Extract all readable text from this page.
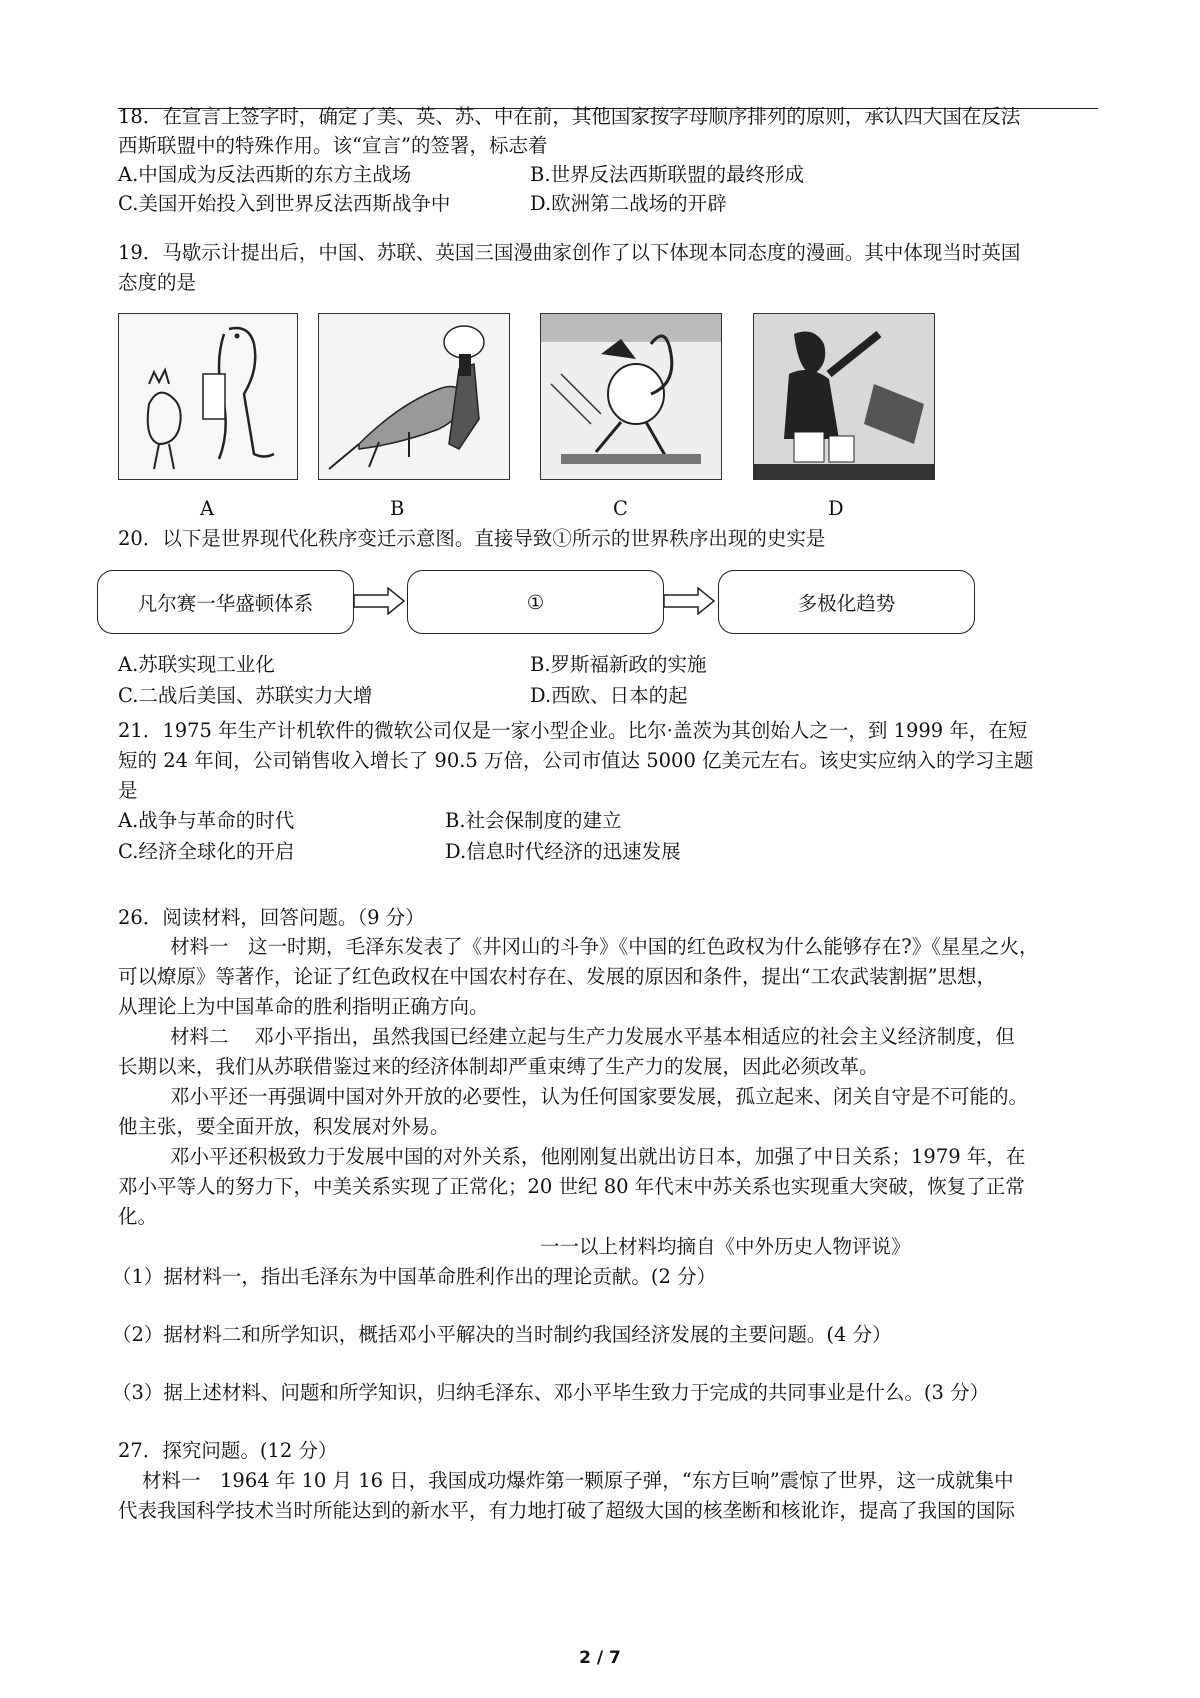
18．在宣言上签字时，确定了美、英、苏、中在前，其他国家按字母顺序排列的原则，承认四大国在反法
西斯联盟中的特殊作用。该“宣言”的签署，标志着
A.中国成为反法西斯的东方主战场	B.世界反法西斯联盟的最终形成
C.美国开始投入到世界反法西斯战争中	D.欧洲第二战场的开辟
19．马歇示计提出后，中国、苏联、英国三国漫曲家创作了以下体现本同态度的漫画。其中体现当时英国
态度的是
A	B	C	D
20．以下是世界现代化秩序变迁示意图。直接导致①所示的世界秩序出现的史实是
凡尔赛一华盛顿体系	①	多极化趋势
A.苏联实现工业化	B.罗斯福新政的实施
C.二战后美国、苏联实力大增	D.西欧、日本的起
21．1975 年生产计机软件的微软公司仅是一家小型企业。比尔·盖茨为其创始人之一，到 1999 年，在短
短的 24 年间，公司销售收入增长了 90.5 万倍，公司市值达 5000 亿美元左右。该史实应纳入的学习主题
是
A.战争与革命的时代	B.社会保制度的建立
C.经济全球化的开启	D.信息时代经济的迅速发展
26．阅读材料，回答问题。（9 分）
材料一　这一时期，毛泽东发表了《井冈山的斗争》《中国的红色政权为什么能够存在?》《星星之火，
可以燎原》等著作，论证了红色政权在中国农村存在、发展的原因和条件，提出“工农武装割据”思想，
从理论上为中国革命的胜利指明正确方向。
材料二　 邓小平指出，虽然我国已经建立起与生产力发展水平基本相适应的社会主义经济制度，但
长期以来，我们从苏联借鉴过来的经济体制却严重束缚了生产力的发展，因此必须改革。
邓小平还一再强调中国对外开放的必要性，认为任何国家要发展，孤立起来、闭关自守是不可能的。
他主张，要全面开放，积发展对外易。
邓小平还积极致力于发展中国的对外关系，他刚刚复出就出访日本，加强了中日关系；1979 年，在
邓小平等人的努力下，中美关系实现了正常化；20 世纪 80 年代末中苏关系也实现重大突破，恢复了正常
化。
一一以上材料均摘自《中外历史人物评说》
（1）据材料一，指出毛泽东为中国革命胜利作出的理论贡献。(2 分）
（2）据材料二和所学知识，概括邓小平解决的当时制约我国经济发展的主要问题。(4 分）
（3）据上述材料、问题和所学知识，归纳毛泽东、邓小平毕生致力于完成的共同事业是什么。(3 分）
27．探究问题。(12 分）
材料一　1964 年 10 月 16 日，我国成功爆炸第一颗原子弹，“东方巨响”震惊了世界，这一成就集中
代表我国科学技术当时所能达到的新水平，有力地打破了超级大国的核垄断和核讹诈，提高了我国的国际
2 / 7
